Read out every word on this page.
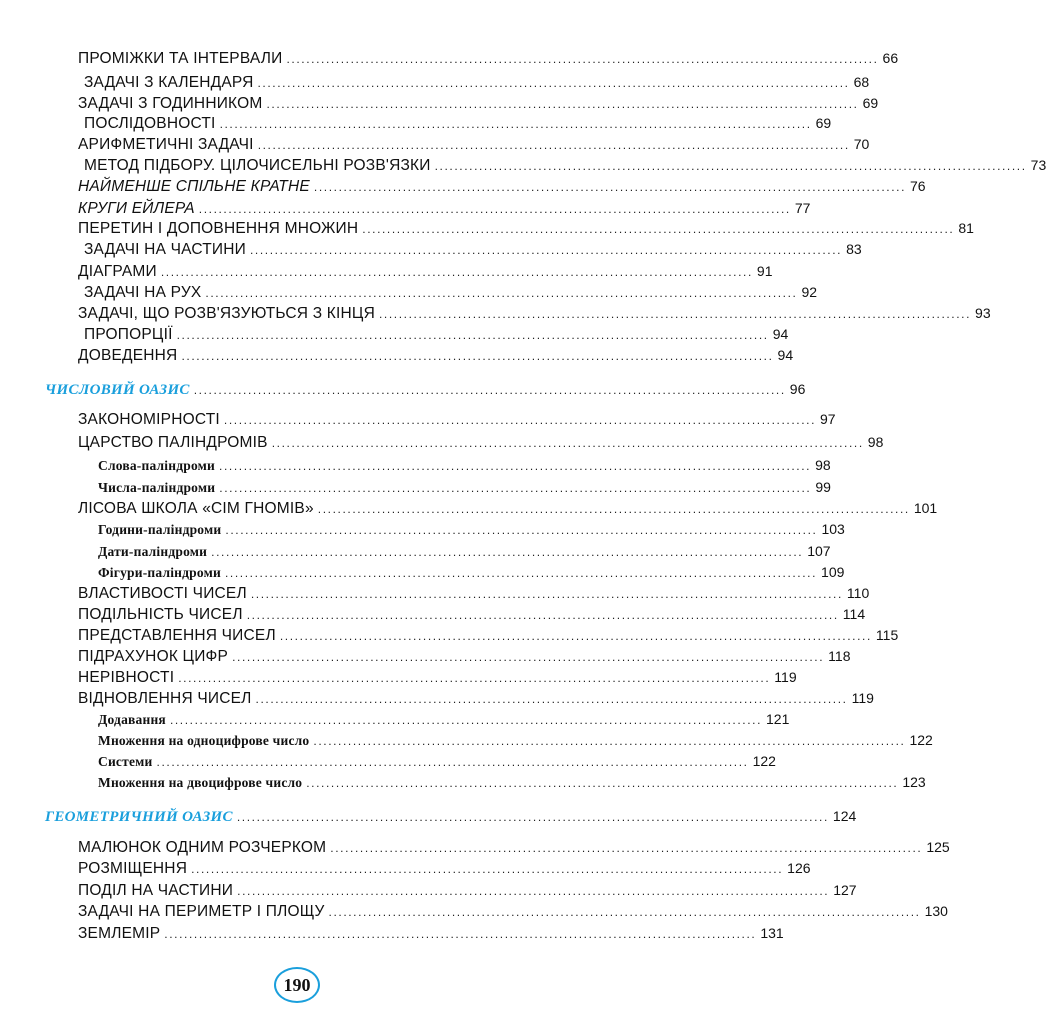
ПРОМІЖКИ ТА ІНТЕРВАЛИ ........................................................................................................................ 66
ЗАДАЧІ З КАЛЕНДАРЯ ........................................................................................................................ 68
ЗАДАЧІ З ГОДИННИКОМ ........................................................................................................................ 69
ПОСЛІДОВНОСТІ ........................................................................................................................ 69
АРИФМЕТИЧНІ ЗАДАЧІ ........................................................................................................................ 70
МЕТОД ПІДБОРУ. ЦІЛОЧИСЕЛЬНІ РОЗВ'ЯЗКИ ........................................................................................................................ 73
НАЙМЕНШЕ СПІЛЬНЕ КРАТНЕ ........................................................................................................................ 76
КРУГИ ЕЙЛЕРА ........................................................................................................................ 77
ПЕРЕТИН І ДОПОВНЕННЯ МНОЖИН ........................................................................................................................ 81
ЗАДАЧІ НА ЧАСТИНИ ........................................................................................................................ 83
ДІАГРАМИ ........................................................................................................................ 91
ЗАДАЧІ НА РУХ ........................................................................................................................ 92
ЗАДАЧІ, ЩО РОЗВ'ЯЗУЮТЬСЯ З КІНЦЯ ........................................................................................................................ 93
ПРОПОРЦІЇ ........................................................................................................................ 94
ДОВЕДЕННЯ ........................................................................................................................ 94
ЧИСЛОВИЙ ОАЗИС ........................................................................................................................ 96
ЗАКОНОМІРНОСТІ ........................................................................................................................ 97
ЦАРСТВО ПАЛІНДРОМІВ ........................................................................................................................ 98
Слова-паліндроми ........................................................................................................................ 98
Числа-паліндроми ........................................................................................................................ 99
ЛІСОВА ШКОЛА «СІМ ГНОМІВ» ........................................................................................................................ 101
Години-паліндроми ........................................................................................................................ 103
Дати-паліндроми ........................................................................................................................ 107
Фігури-паліндроми ........................................................................................................................ 109
ВЛАСТИВОСТІ ЧИСЕЛ ........................................................................................................................ 110
ПОДІЛЬНІСТЬ ЧИСЕЛ ........................................................................................................................ 114
ПРЕДСТАВЛЕННЯ ЧИСЕЛ ........................................................................................................................ 115
ПІДРАХУНОК ЦИФР ........................................................................................................................ 118
НЕРІВНОСТІ ........................................................................................................................ 119
ВІДНОВЛЕННЯ ЧИСЕЛ ........................................................................................................................ 119
Додавання ........................................................................................................................ 121
Множення на одноцифрове число ........................................................................................................................ 122
Системи ........................................................................................................................ 122
Множення на двоцифрове число ........................................................................................................................ 123
ГЕОМЕТРИЧНИЙ ОАЗИС ........................................................................................................................ 124
МАЛЮНОК ОДНИМ РОЗЧЕРКОМ ........................................................................................................................ 125
РОЗМІЩЕННЯ ........................................................................................................................ 126
ПОДІЛ НА ЧАСТИНИ ........................................................................................................................ 127
ЗАДАЧІ НА ПЕРИМЕТР І ПЛОЩУ ........................................................................................................................ 130
ЗЕМЛЕМІР ........................................................................................................................ 131
190
